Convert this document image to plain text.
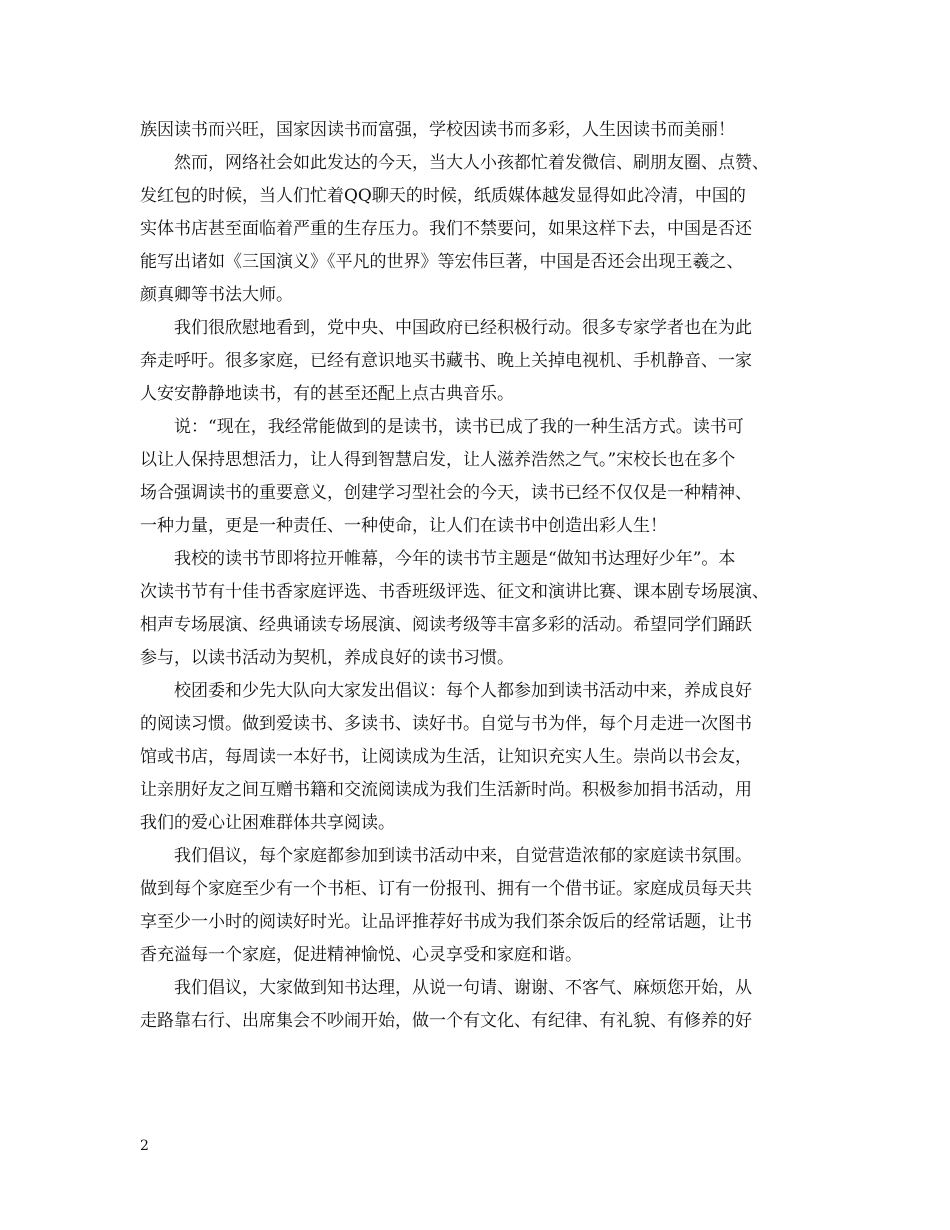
族因读书而兴旺，国家因读书而富强，学校因读书而多彩，人生因读书而美丽！
　　然而，网络社会如此发达的今天，当大人小孩都忙着发微信、刷朋友圈、点赞、
发红包的时候，当人们忙着QQ聊天的时候，纸质媒体越发显得如此冷清，中国的
实体书店甚至面临着严重的生存压力。我们不禁要问，如果这样下去，中国是否还
能写出诸如《三国演义》《平凡的世界》等宏伟巨著，中国是否还会出现王羲之、
颜真卿等书法大师。
　　我们很欣慰地看到，党中央、中国政府已经积极行动。很多专家学者也在为此
奔走呼吁。很多家庭，已经有意识地买书藏书、晚上关掉电视机、手机静音、一家
人安安静静地读书，有的甚至还配上点古典音乐。
　　说：“现在，我经常能做到的是读书，读书已成了我的一种生活方式。读书可
以让人保持思想活力，让人得到智慧启发，让人滋养浩然之气。”宋校长也在多个
场合强调读书的重要意义，创建学习型社会的今天，读书已经不仅仅是一种精神、
一种力量，更是一种责任、一种使命，让人们在读书中创造出彩人生！
　　我校的读书节即将拉开帷幕，今年的读书节主题是“做知书达理好少年”。本
次读书节有十佳书香家庭评选、书香班级评选、征文和演讲比赛、课本剧专场展演、
相声专场展演、经典诵读专场展演、阅读考级等丰富多彩的活动。希望同学们踊跃
参与，以读书活动为契机，养成良好的读书习惯。
　　校团委和少先大队向大家发出倡议：每个人都参加到读书活动中来，养成良好
的阅读习惯。做到爱读书、多读书、读好书。自觉与书为伴，每个月走进一次图书
馆或书店，每周读一本好书，让阅读成为生活，让知识充实人生。崇尚以书会友，
让亲朋好友之间互赠书籍和交流阅读成为我们生活新时尚。积极参加捐书活动，用
我们的爱心让困难群体共享阅读。
　　我们倡议，每个家庭都参加到读书活动中来，自觉营造浓郁的家庭读书氛围。
做到每个家庭至少有一个书柜、订有一份报刊、拥有一个借书证。家庭成员每天共
享至少一小时的阅读好时光。让品评推荐好书成为我们茶余饭后的经常话题，让书
香充溢每一个家庭，促进精神愉悦、心灵享受和家庭和谐。
　　我们倡议，大家做到知书达理，从说一句请、谢谢、不客气、麻烦您开始，从
走路靠右行、出席集会不吵闹开始，做一个有文化、有纪律、有礼貌、有修养的好
2
